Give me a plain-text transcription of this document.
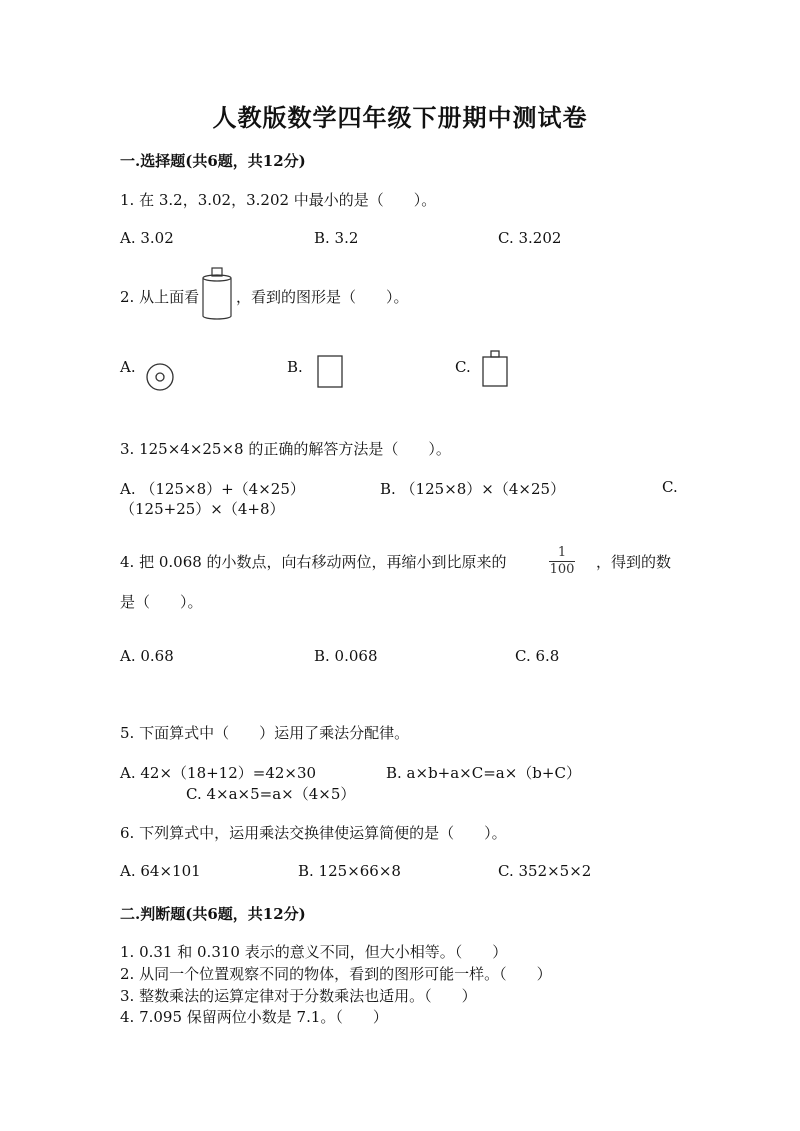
人教版数学四年级下册期中测试卷
一.选择题(共6题，共12分)
1. 在 3.2，3.02，3.202 中最小的是（　　）。
A. 3.02	B. 3.2	C. 3.202
2. 从上面看 ，看到的图形是（　　）。
A.	B.	C.
3. 125×4×25×8 的正确的解答方法是（　　）。
A. （125×8）+（4×25）	B. （125×8）×（4×25）	C.
（125+25）×（4+8）
4. 把 0.068 的小数点，向右移动两位，再缩小到比原来的
1
100 ，得到的数
是（　　）。
A. 0.68	B. 0.068	C. 6.8
5. 下面算式中（　　）运用了乘法分配律。
A. 42×（18+12）=42×30	B. a×b+a×C=a×（b+C）
C. 4×a×5=a×（4×5）
6. 下列算式中，运用乘法交换律使运算简便的是（　　）。
A. 64×101	B. 125×66×8	C. 352×5×2
二.判断题(共6题，共12分)
1. 0.31 和 0.310 表示的意义不同，但大小相等。（　　）
2. 从同一个位置观察不同的物体，看到的图形可能一样。（　　）
3. 整数乘法的运算定律对于分数乘法也适用。（　　）
4. 7.095 保留两位小数是 7.1。（　　）
